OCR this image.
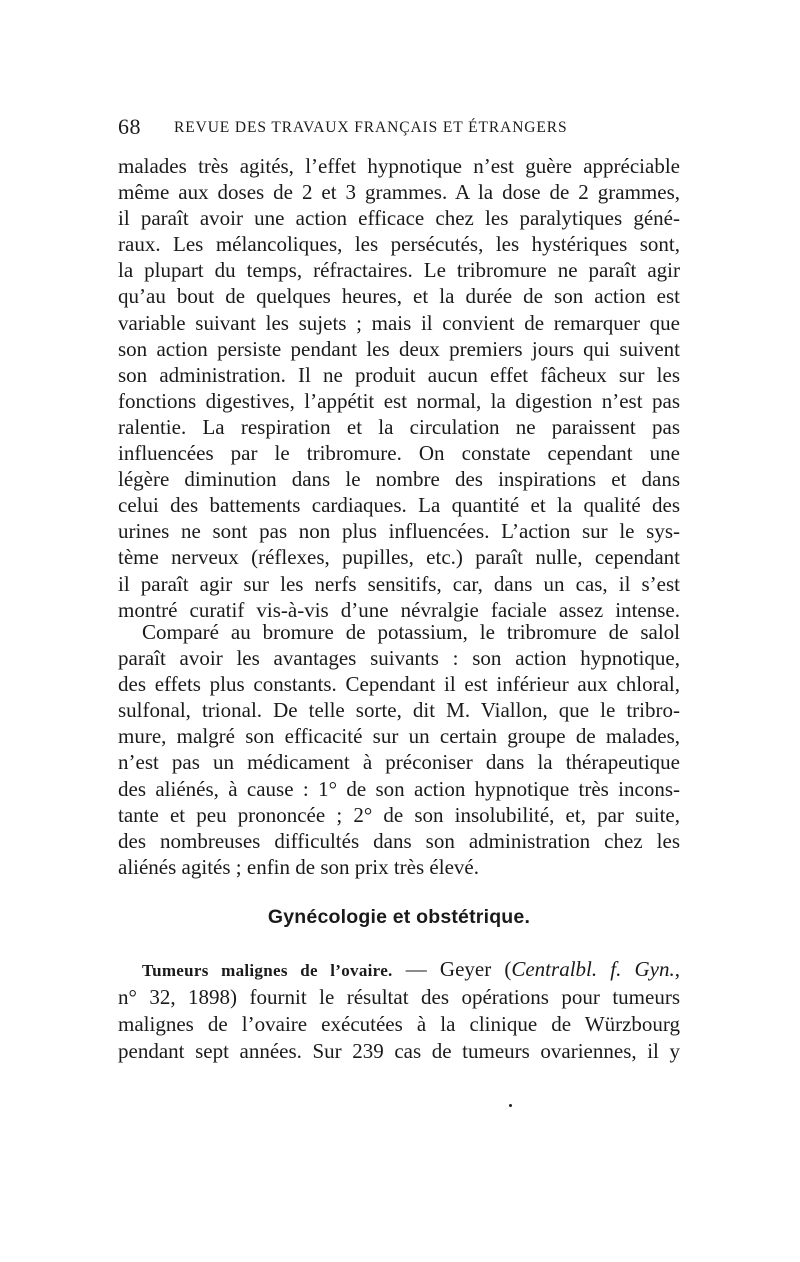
68 REVUE DES TRAVAUX FRANÇAIS ET ÉTRANGERS
malades très agités, l’effet hypnotique n’est guère appréciable
même aux doses de 2 et 3 grammes. A la dose de 2 grammes,
il paraît avoir une action efficace chez les paralytiques géné-
raux. Les mélancoliques, les persécutés, les hystériques sont,
la plupart du temps, réfractaires. Le tribromure ne paraît agir
qu’au bout de quelques heures, et la durée de son action est
variable suivant les sujets ; mais il convient de remarquer que
son action persiste pendant les deux premiers jours qui suivent
son administration. Il ne produit aucun effet fâcheux sur les
fonctions digestives, l’appétit est normal, la digestion n’est pas
ralentie. La respiration et la circulation ne paraissent pas
influencées par le tribromure. On constate cependant une
légère diminution dans le nombre des inspirations et dans
celui des battements cardiaques. La quantité et la qualité des
urines ne sont pas non plus influencées. L’action sur le sys-
tème nerveux (réflexes, pupilles, etc.) paraît nulle, cependant
il paraît agir sur les nerfs sensitifs, car, dans un cas, il s’est
montré curatif vis-à-vis d’une névralgie faciale assez intense.
Comparé au bromure de potassium, le tribromure de salol
paraît avoir les avantages suivants : son action hypnotique,
des effets plus constants. Cependant il est inférieur aux chloral,
sulfonal, trional. De telle sorte, dit M. Viallon, que le tribro-
mure, malgré son efficacité sur un certain groupe de malades,
n’est pas un médicament à préconiser dans la thérapeutique
des aliénés, à cause : 1° de son action hypnotique très incons-
tante et peu prononcée ; 2° de son insolubilité, et, par suite,
des nombreuses difficultés dans son administration chez les
aliénés agités ; enfin de son prix très élevé.
Gynécologie et obstétrique.
Tumeurs malignes de l’ovaire. — Geyer (Centralbl. f. Gyn.,
n° 32, 1898) fournit le résultat des opérations pour tumeurs
malignes de l’ovaire exécutées à la clinique de Würzbourg
pendant sept années. Sur 239 cas de tumeurs ovariennes, il y
